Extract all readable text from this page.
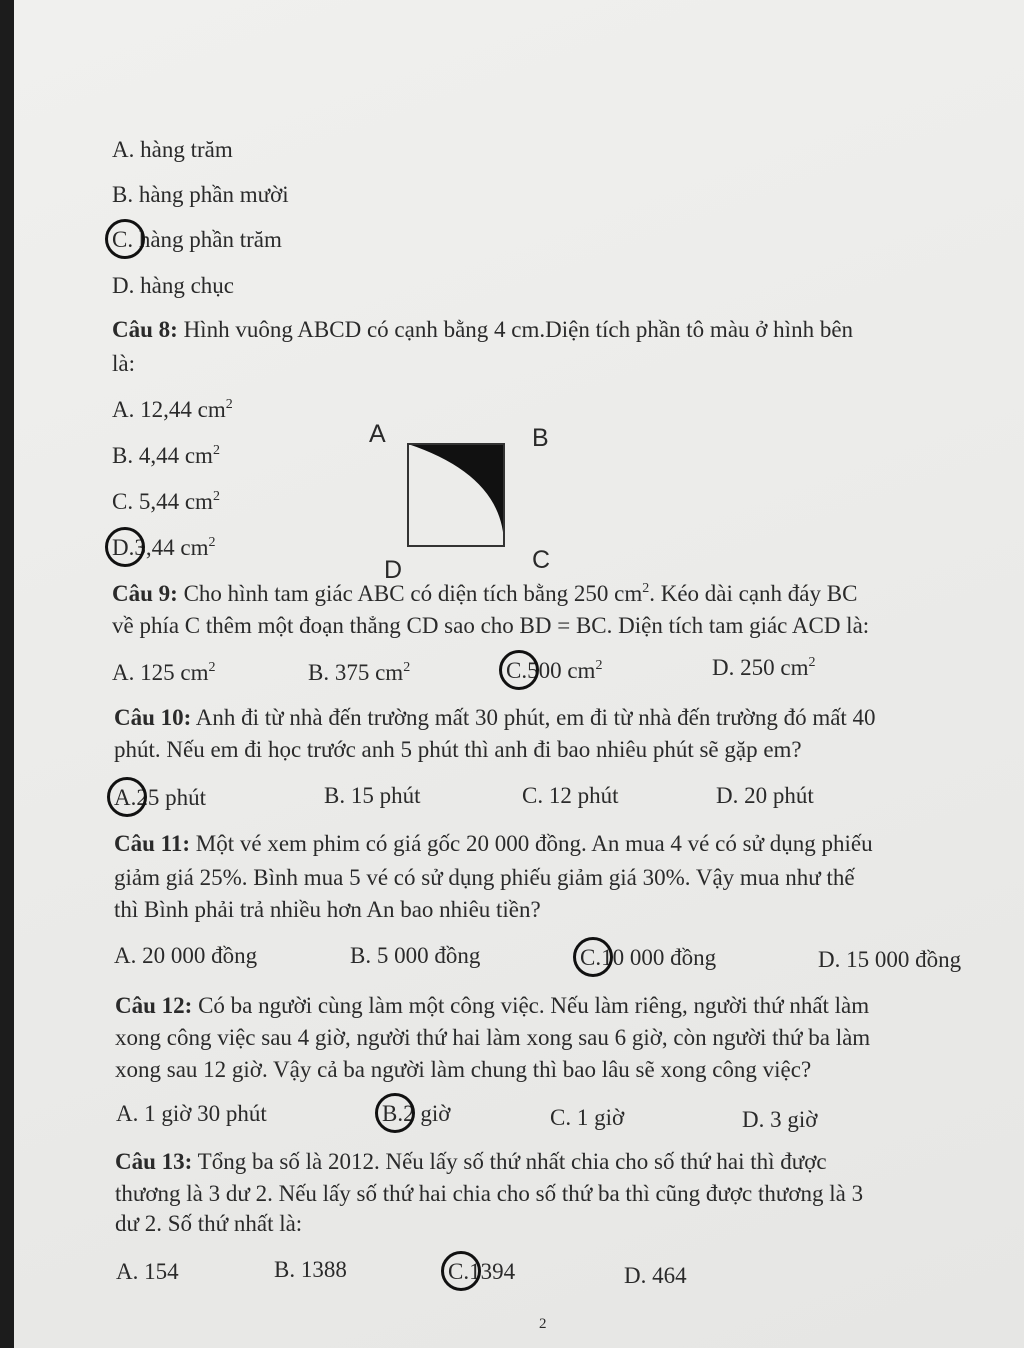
A. hàng trăm
B. hàng phần mười
C. hàng phần trăm
D. hàng chục
Câu 8: Hình vuông ABCD có cạnh bằng 4 cm.Diện tích phần tô màu ở hình bên
là:
A. 12,44 $cm^2$
B. 4,44 $cm^2$
C. 5,44 $cm^2$
D.3,44 $cm^2$
A	B
C
D
Câu 9: Cho hình tam giác ABC có diện tích bằng 250 $cm^2$. Kéo dài cạnh đáy BC
về phía C thêm một đoạn thẳng CD sao cho BD = BC. Diện tích tam giác ACD là:
A. 125 $cm^2$	B. 375 $cm^2$	C.500 $cm^2$	D. 250 $cm^2$
Câu 10: Anh đi từ nhà đến trường mất 30 phút, em đi từ nhà đến trường đó mất 40
phút. Nếu em đi học trước anh 5 phút thì anh đi bao nhiêu phút sẽ gặp em?
A.25 phút	B. 15 phút	C. 12 phút	D. 20 phút
Câu 11: Một vé xem phim có giá gốc 20 000 đồng. An mua 4 vé có sử dụng phiếu
giảm giá 25%. Bình mua 5 vé có sử dụng phiếu giảm giá 30%. Vậy mua như thế
thì Bình phải trả nhiều hơn An bao nhiêu tiền?
A. 20 000 đồng	B. 5 000 đồng	C.10 000 đồng	D. 15 000 đồng
Câu 12: Có ba người cùng làm một công việc. Nếu làm riêng, người thứ nhất làm
xong công việc sau 4 giờ, người thứ hai làm xong sau 6 giờ, còn người thứ ba làm
xong sau 12 giờ. Vậy cả ba người làm chung thì bao lâu sẽ xong công việc?
A. 1 giờ 30 phút	B.2 giờ	C. 1 giờ	D. 3 giờ
Câu 13: Tổng ba số là 2012. Nếu lấy số thứ nhất chia cho số thứ hai thì được
thương là 3 dư 2. Nếu lấy số thứ hai chia cho số thứ ba thì cũng được thương là 3
dư 2. Số thứ nhất là:
A. 154	B. 1388	C.1394	D. 464
2
